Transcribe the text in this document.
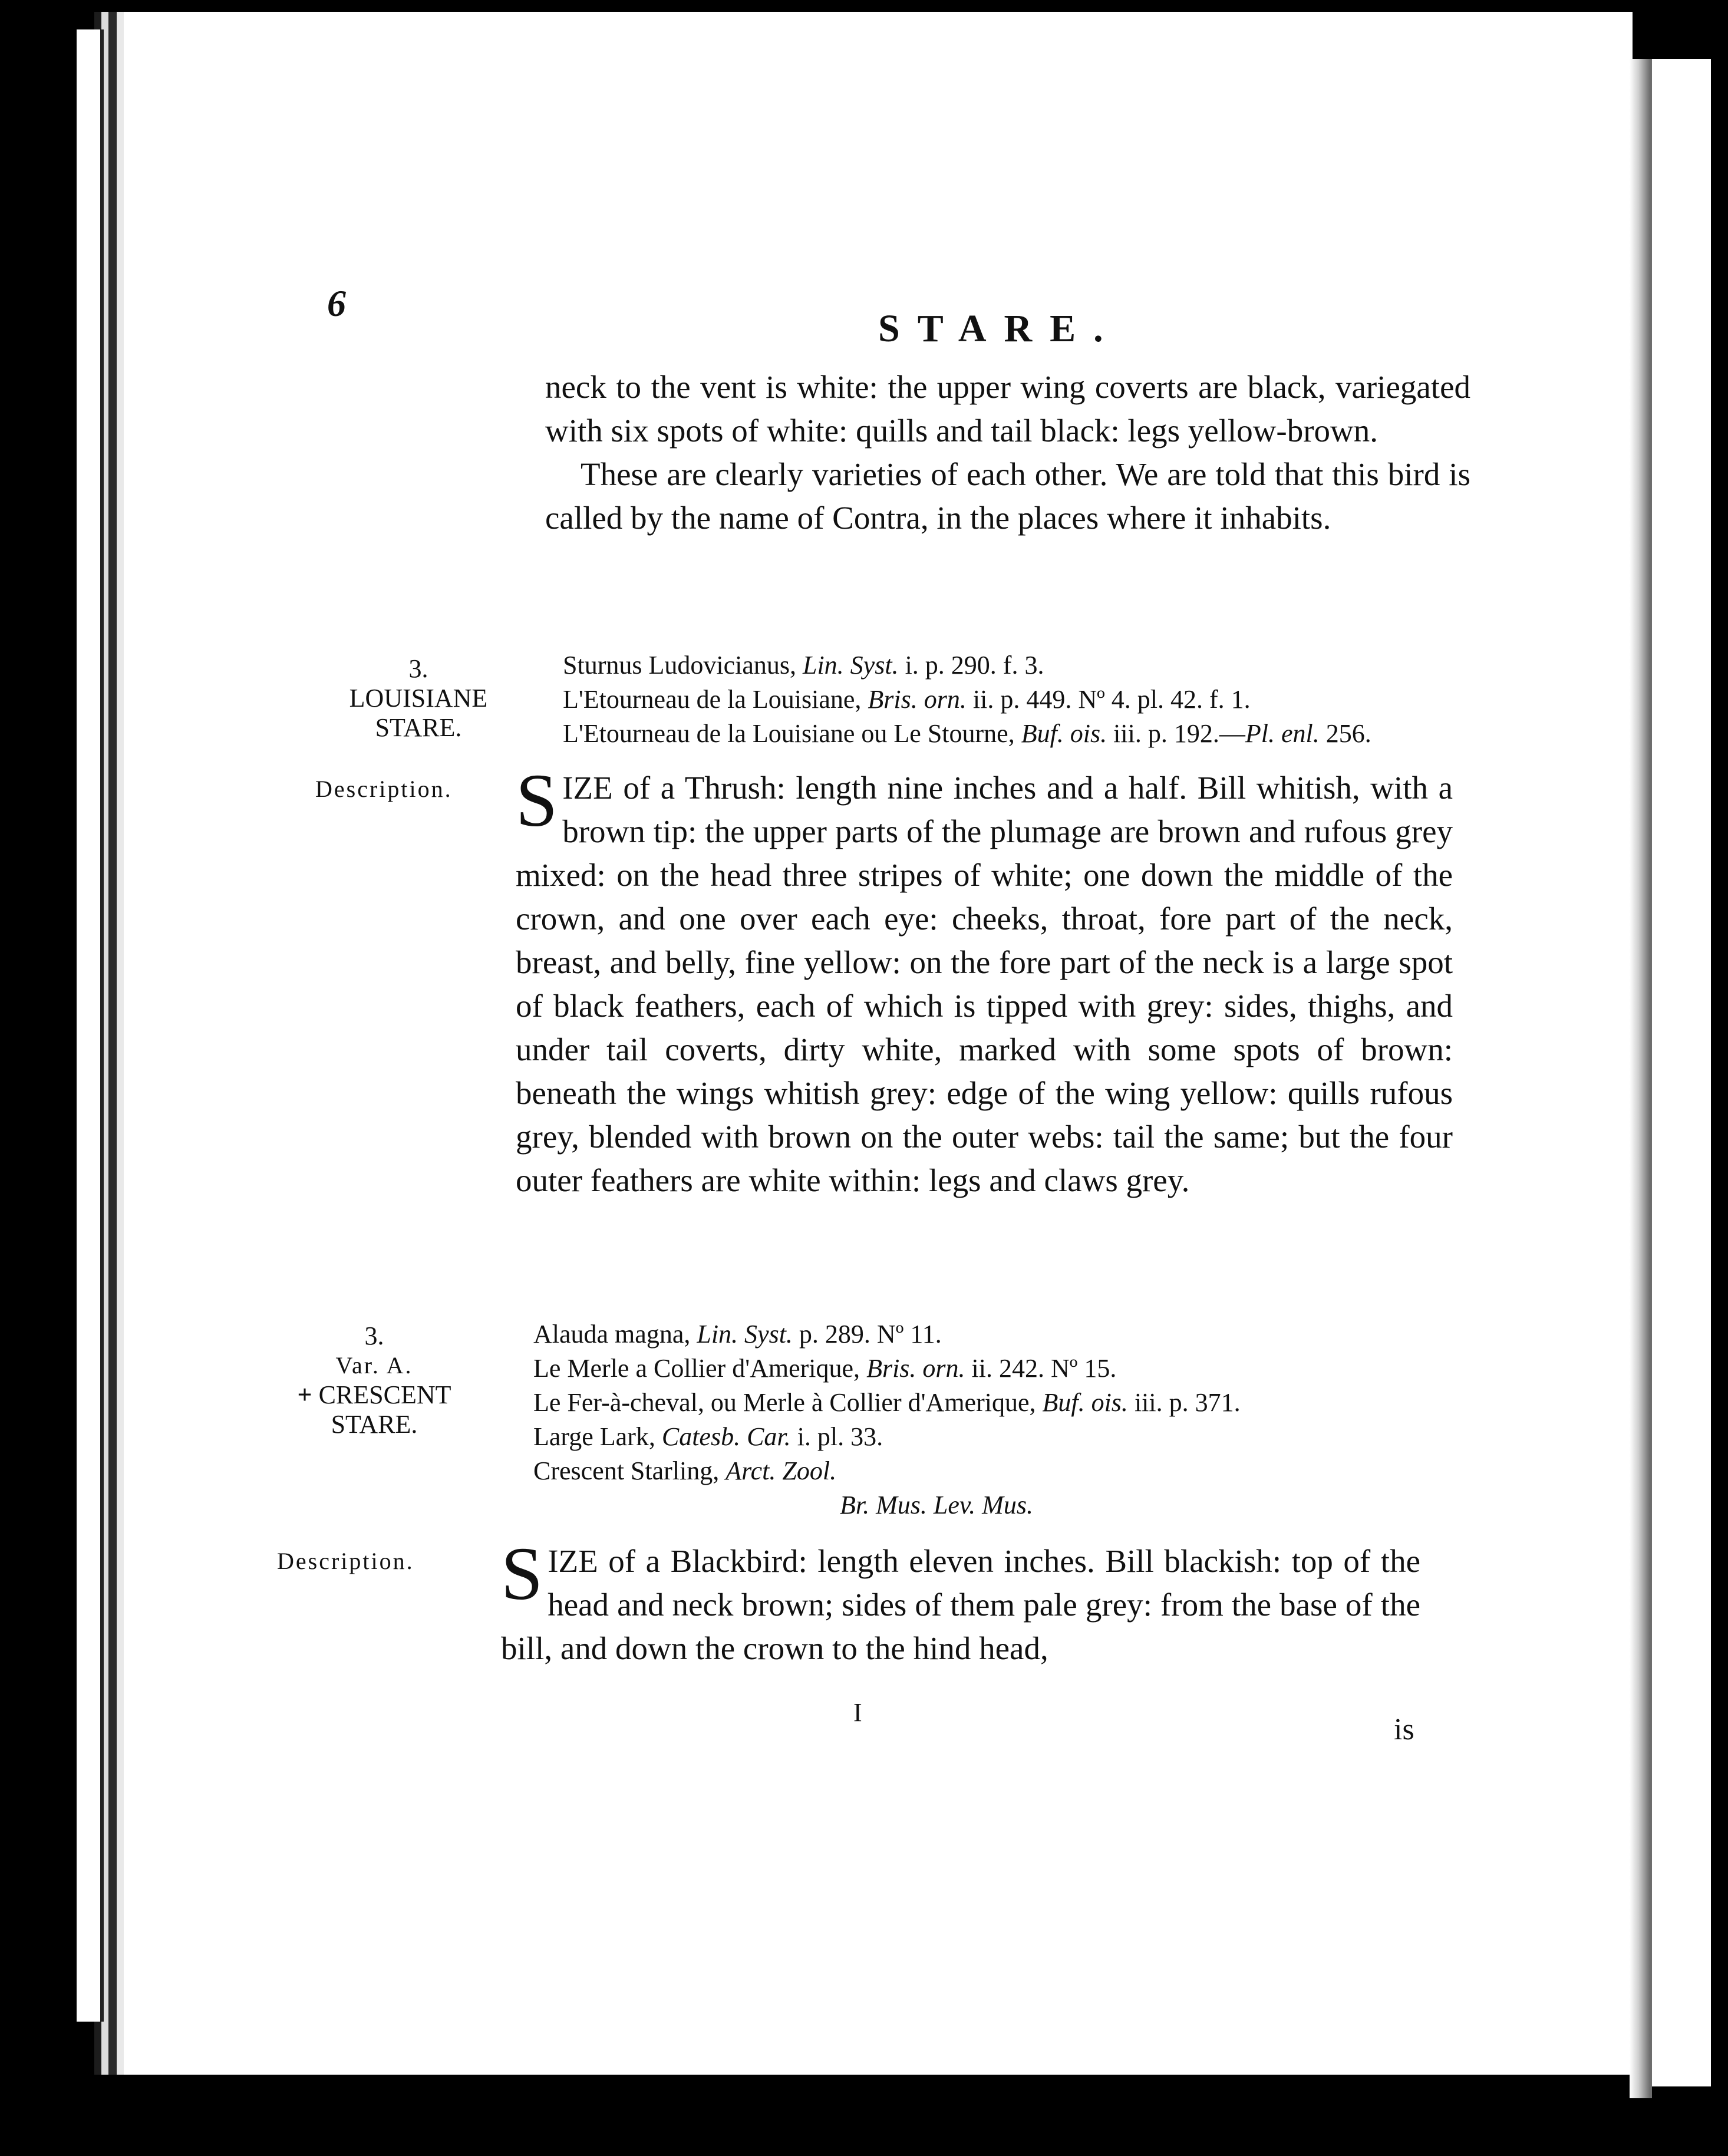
6
STARE.

neck to the vent is white: the upper wing coverts are black, variegated with six spots of white: quills and tail black: legs yellow-brown.

These are clearly varieties of each other. We are told that this bird is called by the name of Contra, in the places where it inhabits.

3.
LOUISIANE
STARE.
Sturnus Ludovicianus, Lin. Syst. i. p. 290. f. 3.
L'Etourneau de la Louisiane, Bris. orn. ii. p. 449. Nº 4. pl. 42. f. 1.
L'Etourneau de la Louisiane ou Le Stourne, Buf. ois. iii. p. 192.—Pl. enl. 256.
Description. SIZE of a Thrush: length nine inches and a half. Bill whitish, with a brown tip: the upper parts of the plumage are brown and rufous grey mixed: on the head three stripes of white; one down the middle of the crown, and one over each eye: cheeks, throat, fore part of the neck, breast, and belly, fine yellow: on the fore part of the neck is a large spot of black feathers, each of which is tipped with grey: sides, thighs, and under tail coverts, dirty white, marked with some spots of brown: beneath the wings whitish grey: edge of the wing yellow: quills rufous grey, blended with brown on the outer webs: tail the same; but the four outer feathers are white within: legs and claws grey.

3.
Var. A.
+ CRESCENT
STARE.
Alauda magna, Lin. Syst. p. 289. Nº 11.
Le Merle a Collier d'Amerique, Bris. orn. ii. 242. Nº 15.
Le Fer-à-cheval, ou Merle à Collier d'Amerique, Buf. ois. iii. p. 371.
Large Lark, Catesb. Car. i. pl. 33.
Crescent Starling, Arct. Zool.
Br. Mus. Lev. Mus.
Description. SIZE of a Blackbird: length eleven inches. Bill blackish: top of the head and neck brown; sides of them pale grey: from the base of the bill, and down the crown to the hind head,

I
is
